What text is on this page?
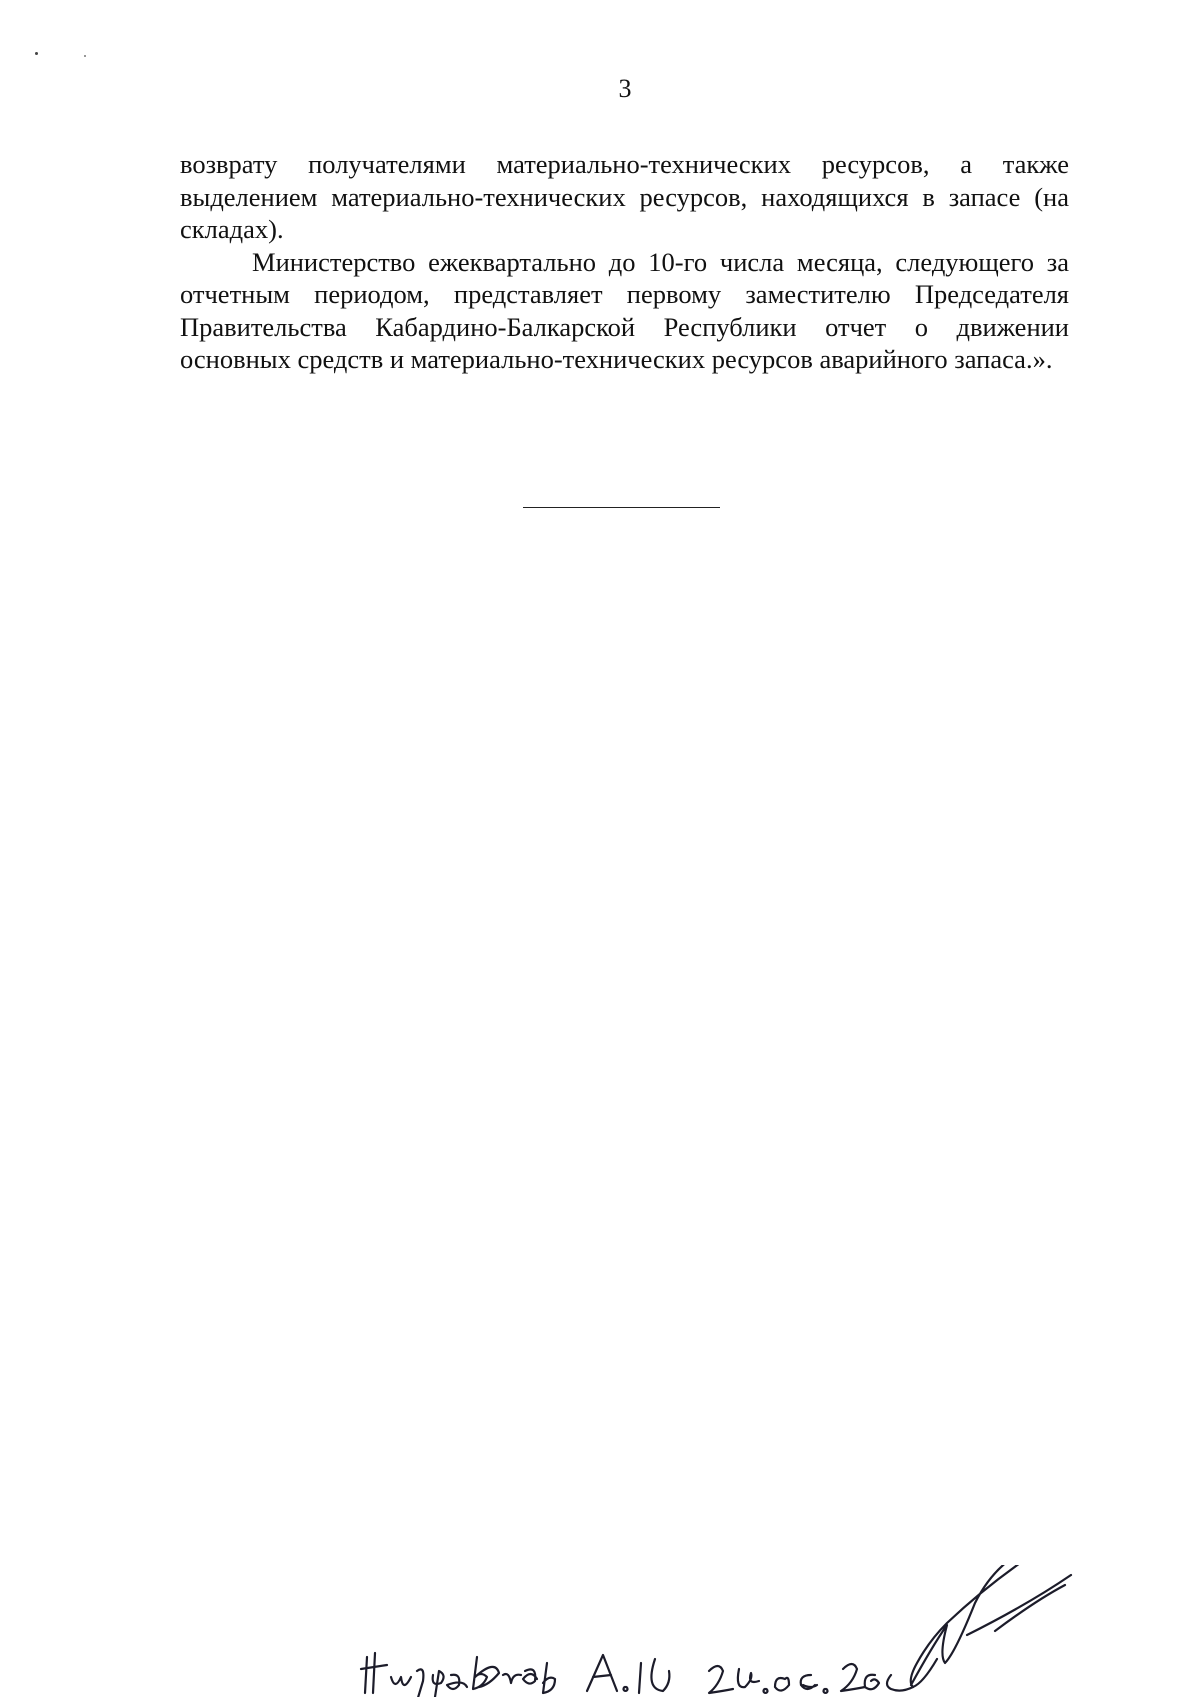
3

возврату получателями материально-технических ресурсов, а также выделением материально-технических ресурсов, находящихся в запасе (на складах).

Министерство ежеквартально до 10-го числа месяца, следующего за отчетным периодом, представляет первому заместителю Председателя Правительства Кабардино-Балкарской Республики отчет о движении основных средств и материально-технических ресурсов аварийного запаса.».
